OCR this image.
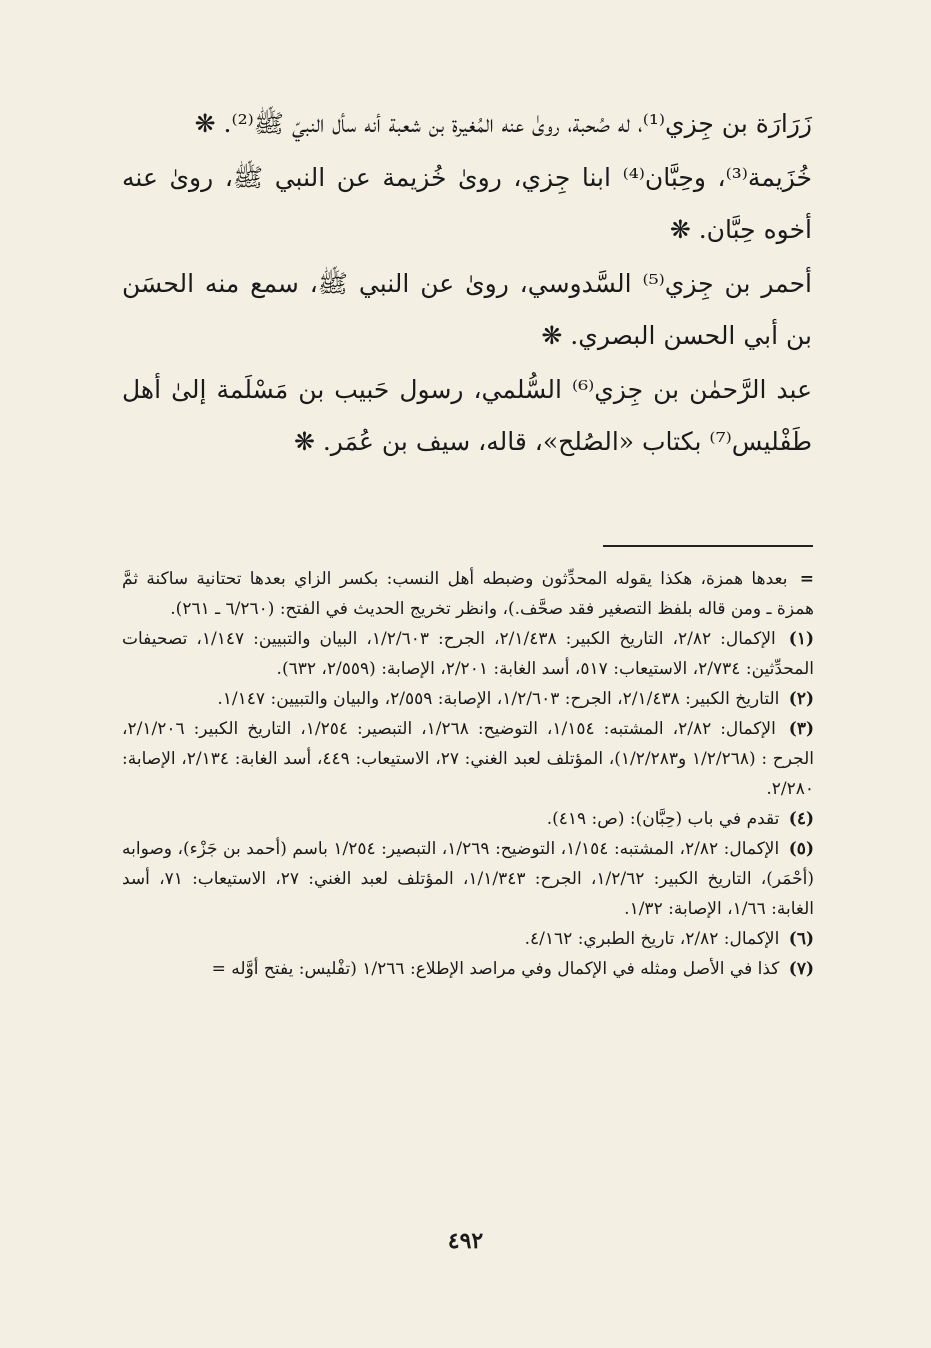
زَرَارَة بن جِزي⁽¹⁾، له صُحبة، روىٰ عنه المُغيرة بن شعبة أنه سأل النبيّ ﷺ⁽²⁾. ❋

خُزَيمة⁽³⁾، وحِبَّان⁽⁴⁾ ابنا جِزي، روىٰ خُزيمة عن النبي ﷺ، روىٰ عنه أخوه حِبَّان. ❋

أحمر بن جِزي⁽⁵⁾ السَّدوسي، روىٰ عن النبي ﷺ، سمع منه الحسَن بن أبي الحسن البصري. ❋

عبد الرَّحمٰن بن جِزي⁽⁶⁾ السُّلمي، رسول حَبيب بن مَسْلَمة إلىٰ أهل طَفْليس⁽⁷⁾ بكتاب «الصُلح»، قاله، سيف بن عُمَر. ❋

= بعدها همزة، هكذا يقوله المحدِّثون وضبطه أهل النسب: بكسر الزاي بعدها تحتانية ساكنة ثمَّ همزة ـ ومن قاله بلفظ التصغير فقد صحَّف.)، وانظر تخريج الحديث في الفتح: (٦/٢٦٠ ـ ٢٦١).

(١) الإكمال: ٢/٨٢، التاريخ الكبير: ٢/١/٤٣٨، الجرح: ١/٢/٦٠٣، البيان والتبيين: ١/١٤٧، تصحيفات المحدِّثين: ٢/٧٣٤، الاستيعاب: ٥١٧، أسد الغابة: ٢/٢٠١، الإصابة: (٢/٥٥٩، ٦٣٢).

(٢) التاريخ الكبير: ٢/١/٤٣٨، الجرح: ١/٢/٦٠٣، الإصابة: ٢/٥٥٩، والبيان والتبيين: ١/١٤٧.

(٣) الإكمال: ٢/٨٢، المشتبه: ١/١٥٤، التوضيح: ١/٢٦٨، التبصير: ١/٢٥٤، التاريخ الكبير: ٢/١/٢٠٦، الجرح : (١/٢/٢٦٨ و١/٢/٢٨٣)، المؤتلف لعبد الغني: ٢٧، الاستيعاب: ٤٤٩، أسد الغابة: ٢/١٣٤، الإصابة: ٢/٢٨٠.

(٤) تقدم في باب (حِبَّان): (ص: ٤١٩).

(٥) الإكمال: ٢/٨٢، المشتبه: ١/١٥٤، التوضيح: ١/٢٦٩، التبصير: ١/٢٥٤ باسم (أحمد بن جَزْء)، وصوابه (أحْمَر)، التاريخ الكبير: ١/٢/٦٢، الجرح: ١/١/٣٤٣، المؤتلف لعبد الغني: ٢٧، الاستيعاب: ٧١، أسد الغابة: ١/٦٦، الإصابة: ١/٣٢.

(٦) الإكمال: ٢/٨٢، تاريخ الطبري: ٤/١٦٢.

(٧) كذا في الأصل ومثله في الإكمال وفي مراصد الإطلاع: ١/٢٦٦ (تفْليس: يفتح أوَّله =

٤٩٢
